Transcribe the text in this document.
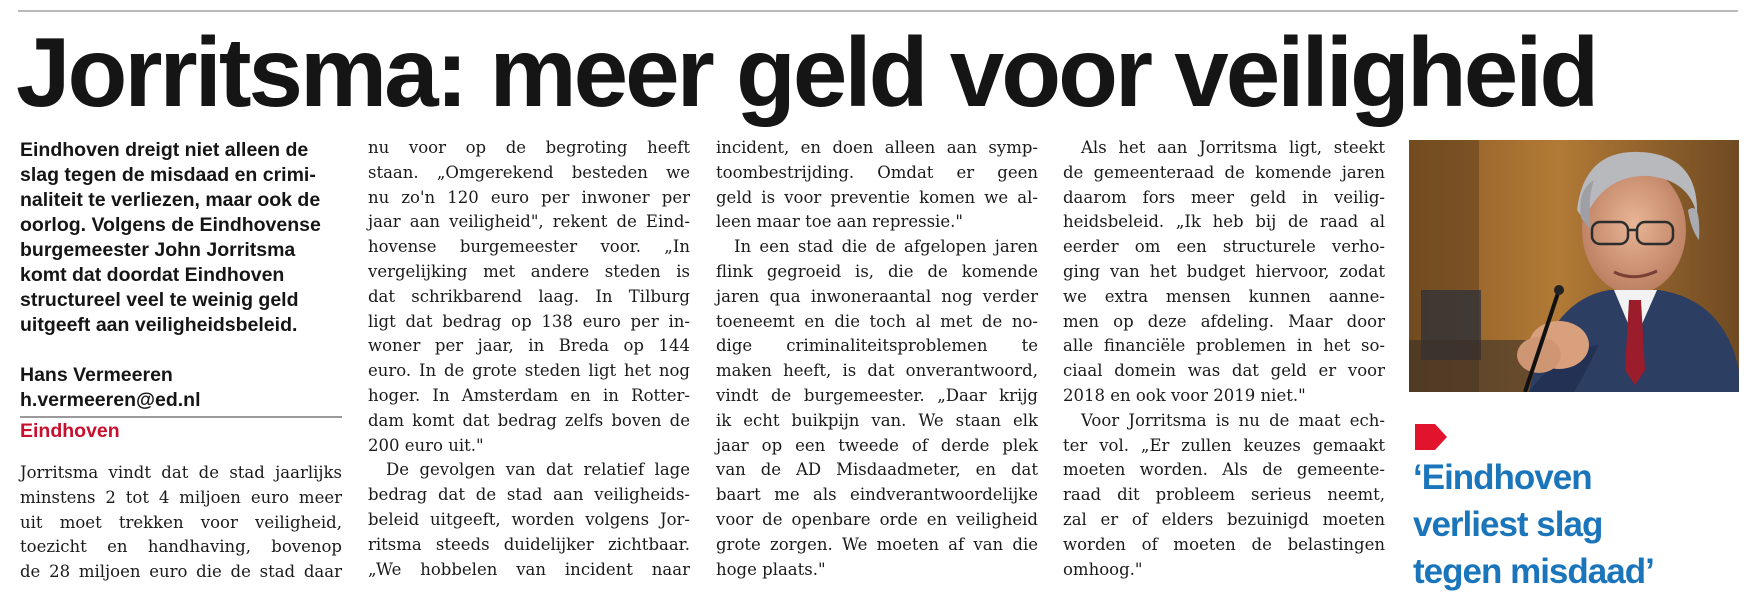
Jorritsma: meer geld voor veiligheid
Eindhoven dreigt niet alleen de
slag tegen de misdaad en crimi-
naliteit te verliezen, maar ook de
oorlog. Volgens de Eindhovense
burgemeester John Jorritsma
komt dat doordat Eindhoven
structureel veel te weinig geld
uitgeeft aan veiligheidsbeleid.
Hans Vermeeren
h.vermeeren@ed.nl
Eindhoven
Jorritsma vindt dat de stad jaarlijks
minstens 2 tot 4 miljoen euro meer
uit moet trekken voor veiligheid,
toezicht en handhaving, bovenop
de 28 miljoen euro die de stad daar
nu voor op de begroting heeft
staan. „Omgerekend besteden we
nu zo'n 120 euro per inwoner per
jaar aan veiligheid", rekent de Eind-
hovense burgemeester voor. „In
vergelijking met andere steden is
dat schrikbarend laag. In Tilburg
ligt dat bedrag op 138 euro per in-
woner per jaar, in Breda op 144
euro. In de grote steden ligt het nog
hoger. In Amsterdam en in Rotter-
dam komt dat bedrag zelfs boven de
200 euro uit."
De gevolgen van dat relatief lage
bedrag dat de stad aan veiligheids-
beleid uitgeeft, worden volgens Jor-
ritsma steeds duidelijker zichtbaar.
„We hobbelen van incident naar
incident, en doen alleen aan symp-
toombestrijding. Omdat er geen
geld is voor preventie komen we al-
leen maar toe aan repressie."
In een stad die de afgelopen jaren
flink gegroeid is, die de komende
jaren qua inwoneraantal nog verder
toeneemt en die toch al met de no-
dige criminaliteitsproblemen te
maken heeft, is dat onverantwoord,
vindt de burgemeester. „Daar krijg
ik echt buikpijn van. We staan elk
jaar op een tweede of derde plek
van de AD Misdaadmeter, en dat
baart me als eindverantwoordelijke
voor de openbare orde en veiligheid
grote zorgen. We moeten af van die
hoge plaats."
Als het aan Jorritsma ligt, steekt
de gemeenteraad de komende jaren
daarom fors meer geld in veilig-
heidsbeleid. „Ik heb bij de raad al
eerder om een structurele verho-
ging van het budget hiervoor, zodat
we extra mensen kunnen aanne-
men op deze afdeling. Maar door
alle financiële problemen in het so-
ciaal domein was dat geld er voor
2018 en ook voor 2019 niet."
Voor Jorritsma is nu de maat ech-
ter vol. „Er zullen keuzes gemaakt
moeten worden. Als de gemeente-
raad dit probleem serieus neemt,
zal er of elders bezuinigd moeten
worden of moeten de belastingen
omhoog."
‘Eindhoven
verliest slag
tegen misdaad’
